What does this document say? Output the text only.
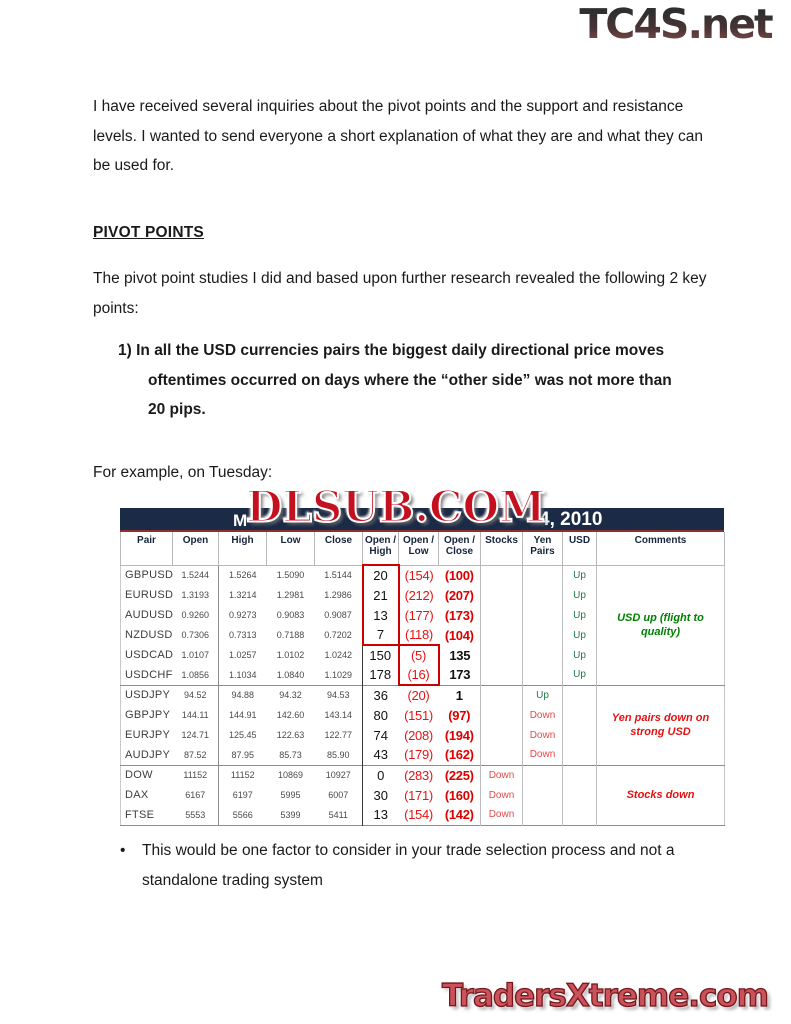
TC4S.net

I have received several inquiries about the pivot points and the support and resistance levels. I wanted to send everyone a short explanation of what they are and what they can be used for.

PIVOT POINTS

The pivot point studies I did and based upon further research revealed the following 2 key points:

1) In all the USD currencies pairs the biggest daily directional price moves oftentimes occurred on days where the “other side” was not more than 20 pips.

For example, on Tuesday:

M	4, 2010
Pair	Open	High	Low	Close	Open / High	Open / Low	Open / Close	Stocks	Yen Pairs	USD	Comments
GBPUSD	1.5244	1.5264	1.5090	1.5144	20	(154)	(100)			Up	USD up (flight to quality)
EURUSD	1.3193	1.3214	1.2981	1.2986	21	(212)	(207)			Up	
AUDUSD	0.9260	0.9273	0.9083	0.9087	13	(177)	(173)			Up	
NZDUSD	0.7306	0.7313	0.7188	0.7202	7	(118)	(104)			Up	
USDCAD	1.0107	1.0257	1.0102	1.0242	150	(5)	135			Up	
USDCHF	1.0856	1.1034	1.0840	1.1029	178	(16)	173			Up	
USDJPY	94.52	94.88	94.32	94.53	36	(20)	1		Up		Yen pairs down on strong USD
GBPJPY	144.11	144.91	142.60	143.14	80	(151)	(97)		Down		
EURJPY	124.71	125.45	122.63	122.77	74	(208)	(194)		Down		
AUDJPY	87.52	87.95	85.73	85.90	43	(179)	(162)		Down		
DOW	11152	11152	10869	10927	0	(283)	(225)	Down			Stocks down
DAX	6167	6197	5995	6007	30	(171)	(160)	Down			
FTSE	5553	5566	5399	5411	13	(154)	(142)	Down			
DLSUB.COM
• This would be one factor to consider in your trade selection process and not a standalone trading system
TradersXtreme.com
